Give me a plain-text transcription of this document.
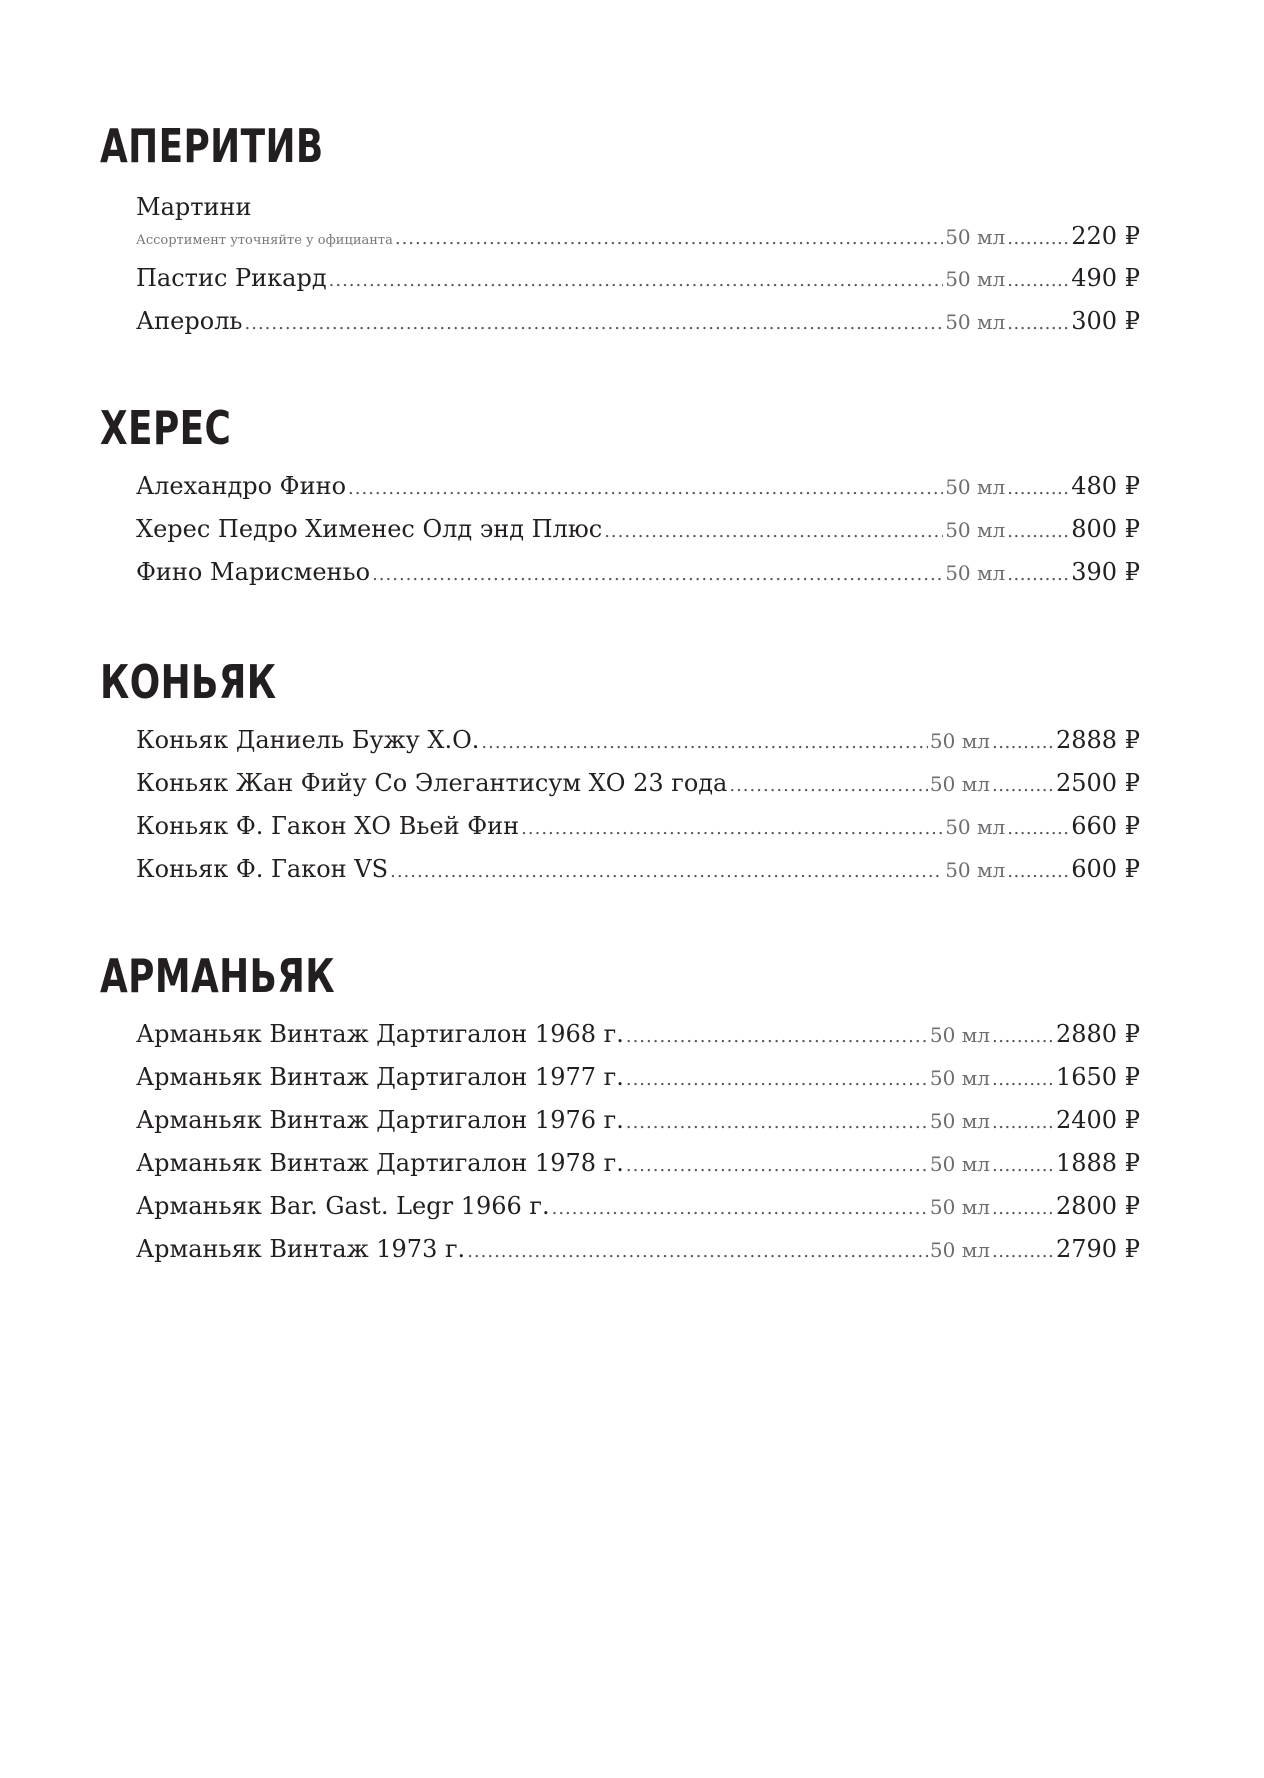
АПЕРИТИВ
Мартини
Ассортимент уточняйте у официанта .....	50 мл .....	220 ₽
Пастис Рикард .....	50 мл .....	490 ₽
Апероль .....	50 мл .....	300 ₽
ХЕРЕС
Алехандро Фино .....	50 мл .....	480 ₽
Херес Педро Хименес Олд энд Плюс .....	50 мл .....	800 ₽
Фино Марисменьо .....	50 мл .....	390 ₽
КОНЬЯК
Коньяк Даниель Бужу Х.О. .....	50 мл .....	2888 ₽
Коньяк Жан Фийу Со Элегантисум ХО 23 года .....	50 мл .....	2500 ₽
Коньяк Ф. Гакон ХО Вьей Фин .....	50 мл .....	660 ₽
Коньяк Ф. Гакон VS .....	50 мл .....	600 ₽
АРМАНЬЯК
Арманьяк Винтаж Дартигалон 1968 г. .....	50 мл .....	2880 ₽
Арманьяк Винтаж Дартигалон 1977 г. .....	50 мл .....	1650 ₽
Арманьяк Винтаж Дартигалон 1976 г. .....	50 мл .....	2400 ₽
Арманьяк Винтаж Дартигалон 1978 г. .....	50 мл .....	1888 ₽
Арманьяк Bar. Gast. Legr 1966 г. .....	50 мл .....	2800 ₽
Арманьяк Винтаж 1973 г. .....	50 мл .....	2790 ₽
